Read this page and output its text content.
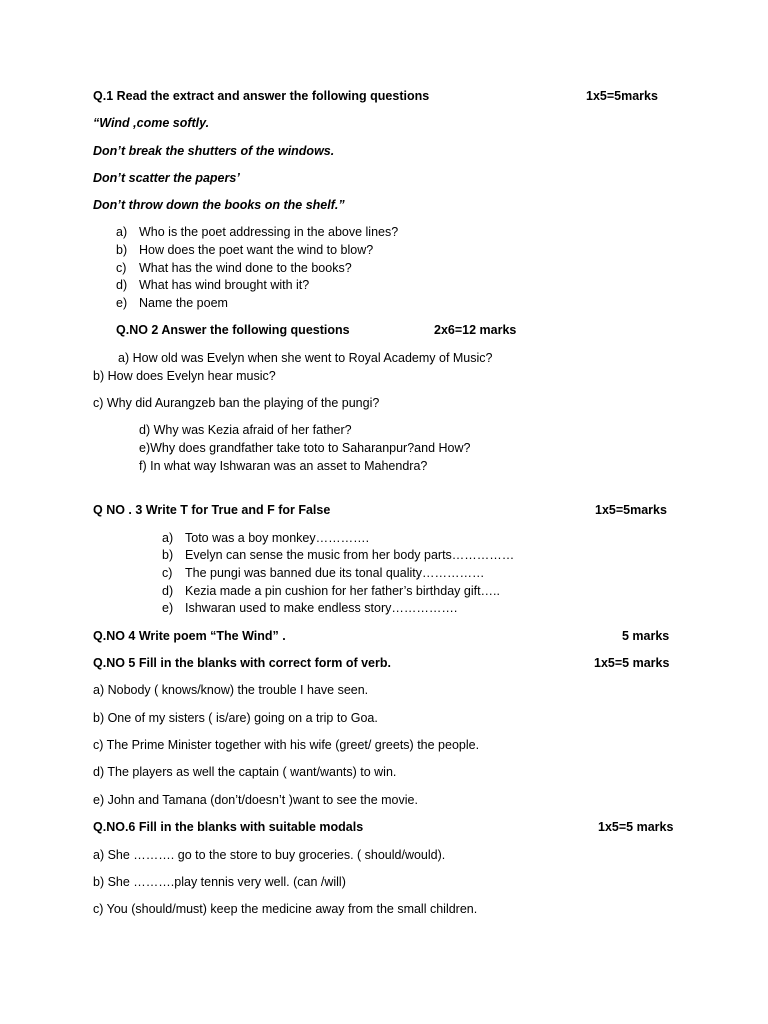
Q.1 Read the extract and answer the following questions	1x5=5marks
“Wind ,come softly.
Don’t break the shutters of the windows.
Don’t scatter the papers’
Don’t throw down the books on the shelf.”
a) Who is the poet addressing in the above lines?
b) How does the poet want the wind to blow?
c)	What has the wind done to the books?
d) What has wind brought with it?
e) Name the poem
Q.NO 2 Answer the following questions	2x6=12 marks
a) How old was Evelyn when she went to Royal Academy of Music?
b) How does Evelyn hear music?
c) Why did Aurangzeb ban the playing of the pungi?
d) Why was Kezia afraid of her father?
e)Why does grandfather take toto to Saharanpur?and How?
f) In what way Ishwaran was an asset to Mahendra?
Q NO . 3 Write T for True and F for False	1x5=5marks
a) Toto was a boy monkey………….
b) Evelyn can sense the music from her body parts……………
c)	The pungi was banned due its tonal quality……………
d) Kezia made a pin cushion for her father’s birthday gift…..
e) Ishwaran used to make endless story…………….
Q.NO 4 Write poem “The Wind” .	5 marks
Q.NO 5 Fill in the blanks with correct form of verb.	1x5=5 marks
a) Nobody ( knows/know) the trouble I have seen.
b) One of my sisters ( is/are) going on a trip to Goa.
c) The Prime Minister together with his wife (greet/ greets) the people.
d) The players as well the captain ( want/wants) to win.
e) John and Tamana (don’t/doesn’t )want to see the movie.
Q.NO.6 Fill in the blanks with suitable modals	1x5=5 marks
a) She ………. go to the store to buy groceries. ( should/would).
b) She ……….play tennis very well. (can /will)
c) You (should/must) keep the medicine away from the small children.
